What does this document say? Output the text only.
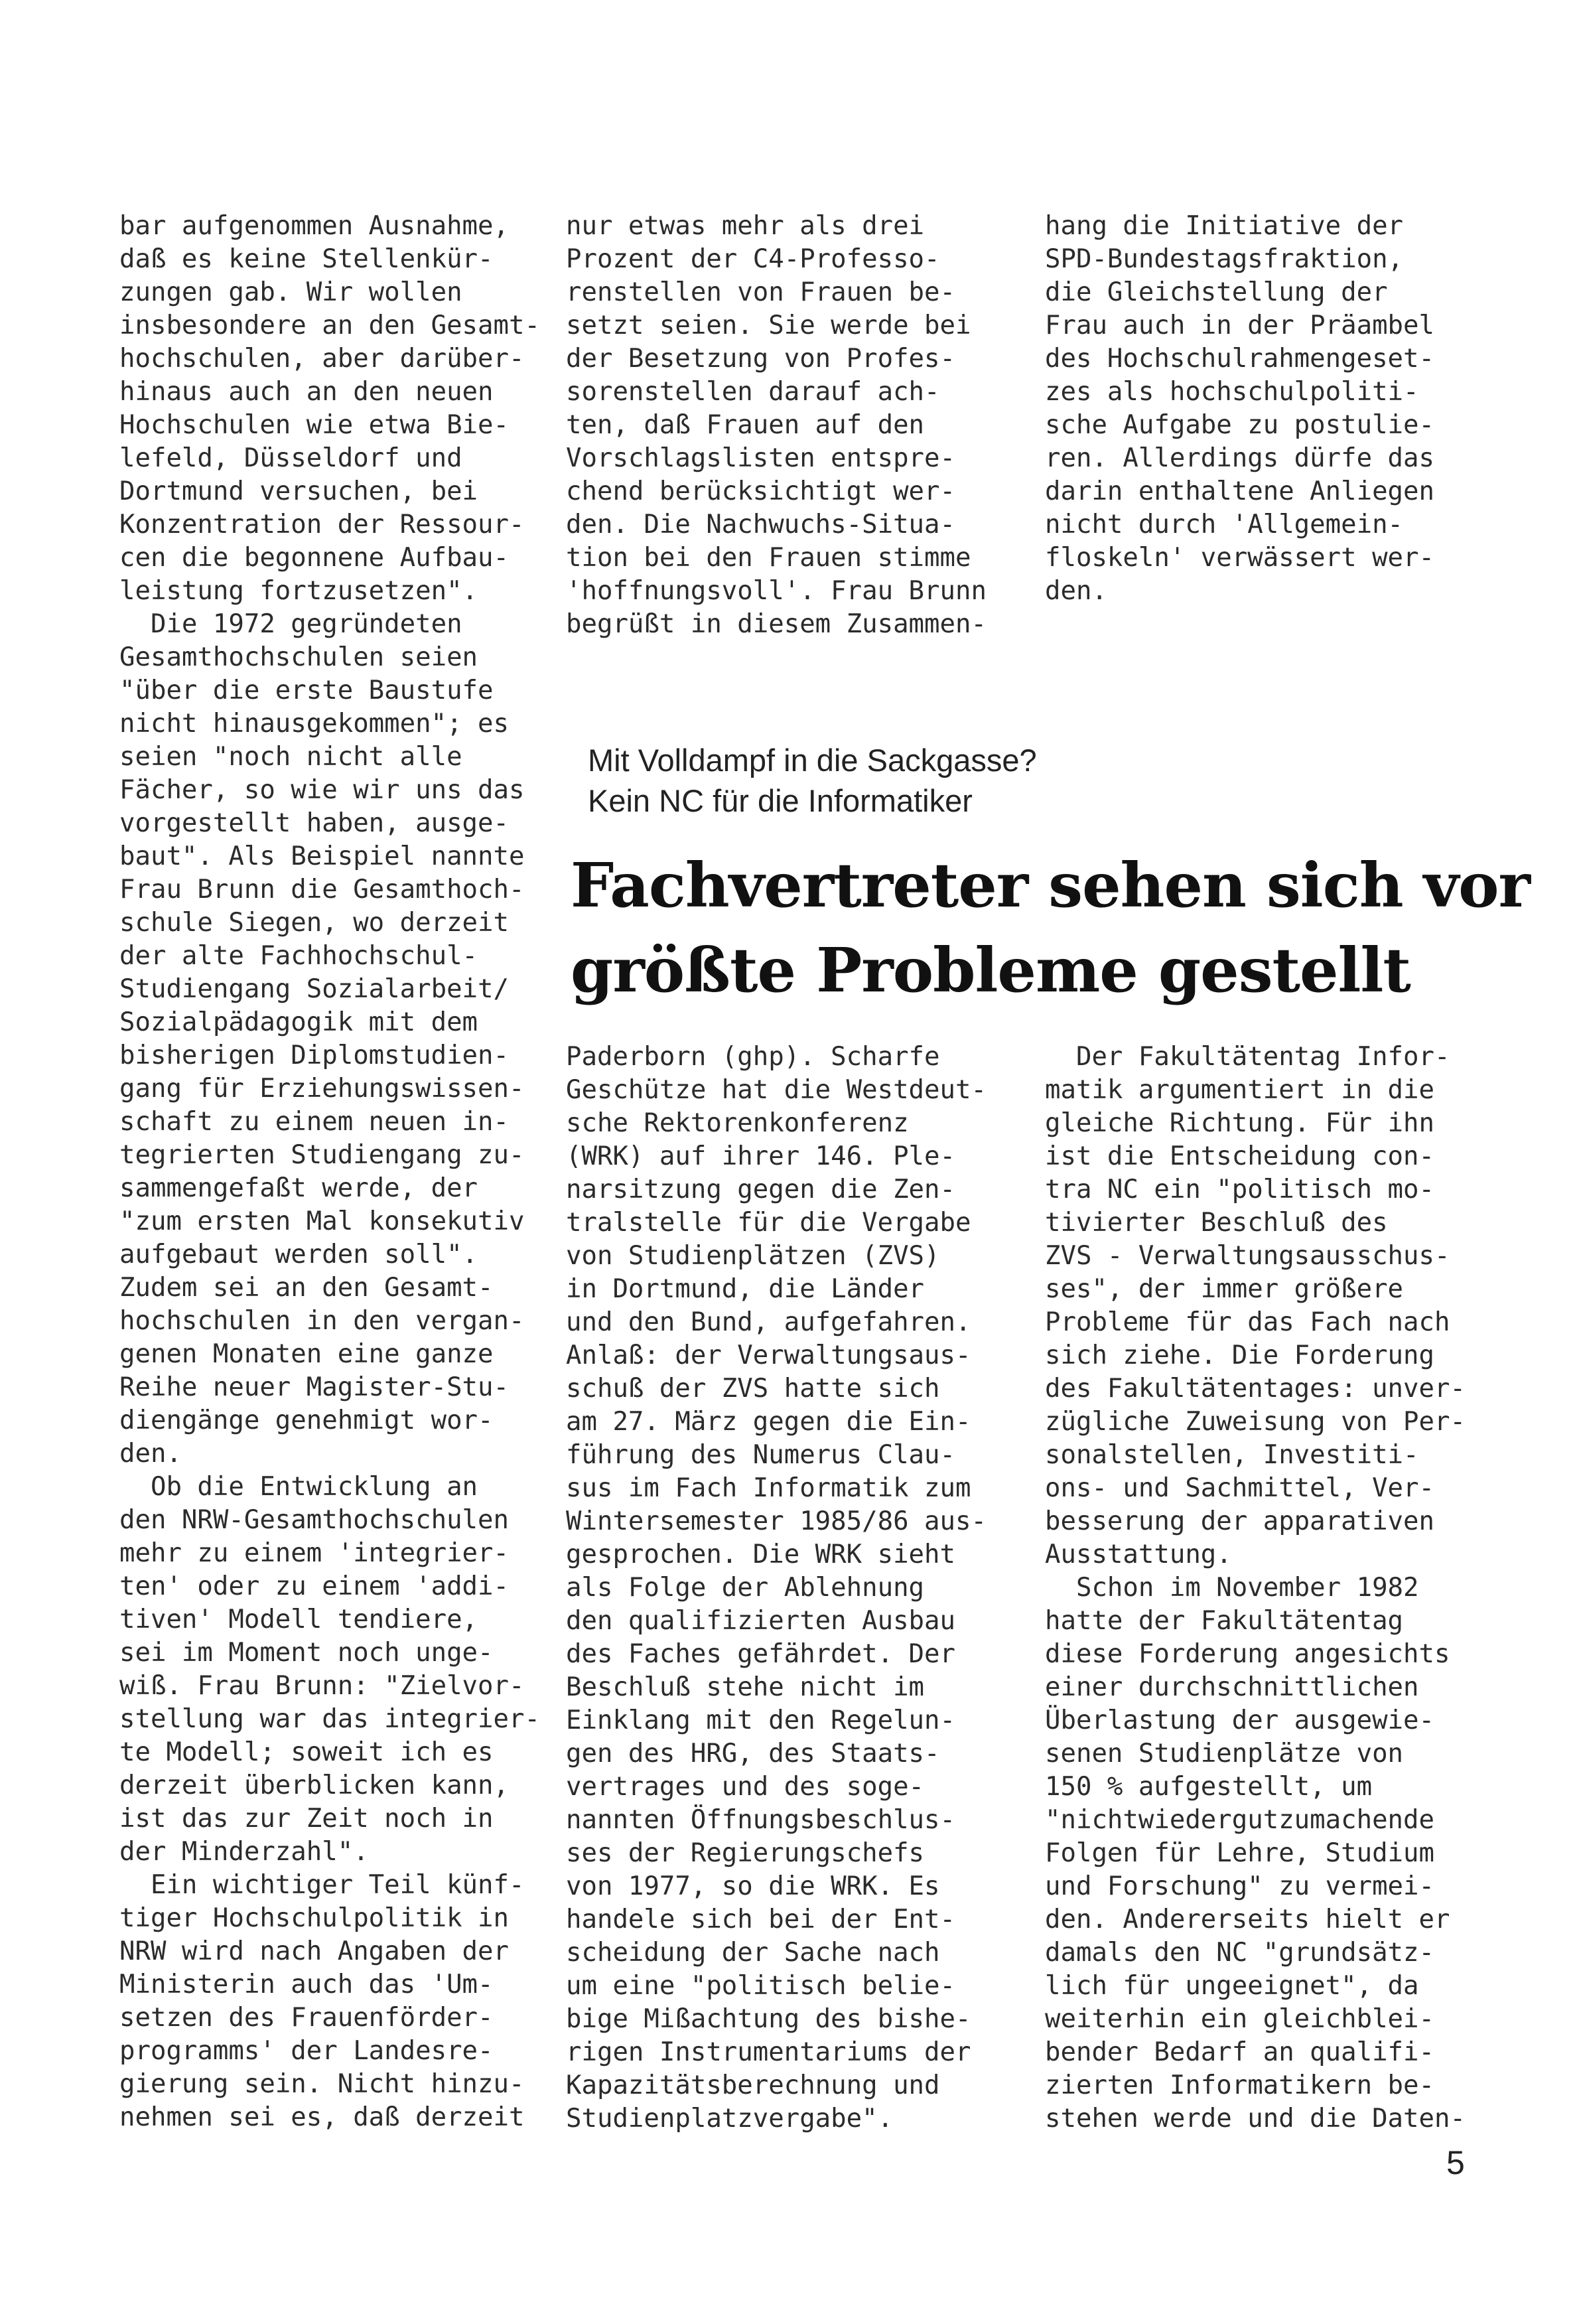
bar aufgenommen Ausnahme,
daß es keine Stellenkür-
zungen gab. Wir wollen
insbesondere an den Gesamt-
hochschulen, aber darüber-
hinaus auch an den neuen
Hochschulen wie etwa Bie-
lefeld, Düsseldorf und
Dortmund versuchen, bei
Konzentration der Ressour-
cen die begonnene Aufbau-
leistung fortzusetzen".
Die 1972 gegründeten
Gesamthochschulen seien
"über die erste Baustufe
nicht hinausgekommen"; es
seien "noch nicht alle
Fächer, so wie wir uns das
vorgestellt haben, ausge-
baut". Als Beispiel nannte
Frau Brunn die Gesamthoch-
schule Siegen, wo derzeit
der alte Fachhochschul-
Studiengang Sozialarbeit/
Sozialpädagogik mit dem
bisherigen Diplomstudien-
gang für Erziehungswissen-
schaft zu einem neuen in-
tegrierten Studiengang zu-
sammengefaßt werde, der
"zum ersten Mal konsekutiv
aufgebaut werden soll".
Zudem sei an den Gesamt-
hochschulen in den vergan-
genen Monaten eine ganze
Reihe neuer Magister-Stu-
diengänge genehmigt wor-
den.
Ob die Entwicklung an
den NRW-Gesamthochschulen
mehr zu einem 'integrier-
ten' oder zu einem 'addi-
tiven' Modell tendiere,
sei im Moment noch unge-
wiß. Frau Brunn: "Zielvor-
stellung war das integrier-
te Modell; soweit ich es
derzeit überblicken kann,
ist das zur Zeit noch in
der Minderzahl".
Ein wichtiger Teil künf-
tiger Hochschulpolitik in
NRW wird nach Angaben der
Ministerin auch das 'Um-
setzen des Frauenförder-
programms' der Landesre-
gierung sein. Nicht hinzu-
nehmen sei es, daß derzeit
nur etwas mehr als drei
Prozent der C4-Professo-
renstellen von Frauen be-
setzt seien. Sie werde bei
der Besetzung von Profes-
sorenstellen darauf ach-
ten, daß Frauen auf den
Vorschlagslisten entspre-
chend berücksichtigt wer-
den. Die Nachwuchs-Situa-
tion bei den Frauen stimme
'hoffnungsvoll'. Frau Brunn
begrüßt in diesem Zusammen-
hang die Initiative der
SPD-Bundestagsfraktion,
die Gleichstellung der
Frau auch in der Präambel
des Hochschulrahmengeset-
zes als hochschulpoliti-
sche Aufgabe zu postulie-
ren. Allerdings dürfe das
darin enthaltene Anliegen
nicht durch 'Allgemein-
floskeln' verwässert wer-
den.
Mit Volldampf in die Sackgasse?
Kein NC für die Informatiker
Fachvertreter sehen sich vor
größte Probleme gestellt
Paderborn (ghp). Scharfe
Geschütze hat die Westdeut-
sche Rektorenkonferenz
(WRK) auf ihrer 146. Ple-
narsitzung gegen die Zen-
tralstelle für die Vergabe
von Studienplätzen (ZVS)
in Dortmund, die Länder
und den Bund, aufgefahren.
Anlaß: der Verwaltungsaus-
schuß der ZVS hatte sich
am 27. März gegen die Ein-
führung des Numerus Clau-
sus im Fach Informatik zum
Wintersemester 1985/86 aus-
gesprochen. Die WRK sieht
als Folge der Ablehnung
den qualifizierten Ausbau
des Faches gefährdet. Der
Beschluß stehe nicht im
Einklang mit den Regelun-
gen des HRG, des Staats-
vertrages und des soge-
nannten Öffnungsbeschlus-
ses der Regierungschefs
von 1977, so die WRK. Es
handele sich bei der Ent-
scheidung der Sache nach
um eine "politisch belie-
bige Mißachtung des bishe-
rigen Instrumentariums der
Kapazitätsberechnung und
Studienplatzvergabe".
Der Fakultätentag Infor-
matik argumentiert in die
gleiche Richtung. Für ihn
ist die Entscheidung con-
tra NC ein "politisch mo-
tivierter Beschluß des
ZVS - Verwaltungsausschus-
ses", der immer größere
Probleme für das Fach nach
sich ziehe. Die Forderung
des Fakultätentages: unver-
zügliche Zuweisung von Per-
sonalstellen, Investiti-
ons- und Sachmittel, Ver-
besserung der apparativen
Ausstattung.
Schon im November 1982
hatte der Fakultätentag
diese Forderung angesichts
einer durchschnittlichen
Überlastung der ausgewie-
senen Studienplätze von
150 % aufgestellt, um
"nichtwiedergutzumachende
Folgen für Lehre, Studium
und Forschung" zu vermei-
den. Andererseits hielt er
damals den NC "grundsätz-
lich für ungeeignet", da
weiterhin ein gleichblei-
bender Bedarf an qualifi-
zierten Informatikern be-
stehen werde und die Daten-
5
